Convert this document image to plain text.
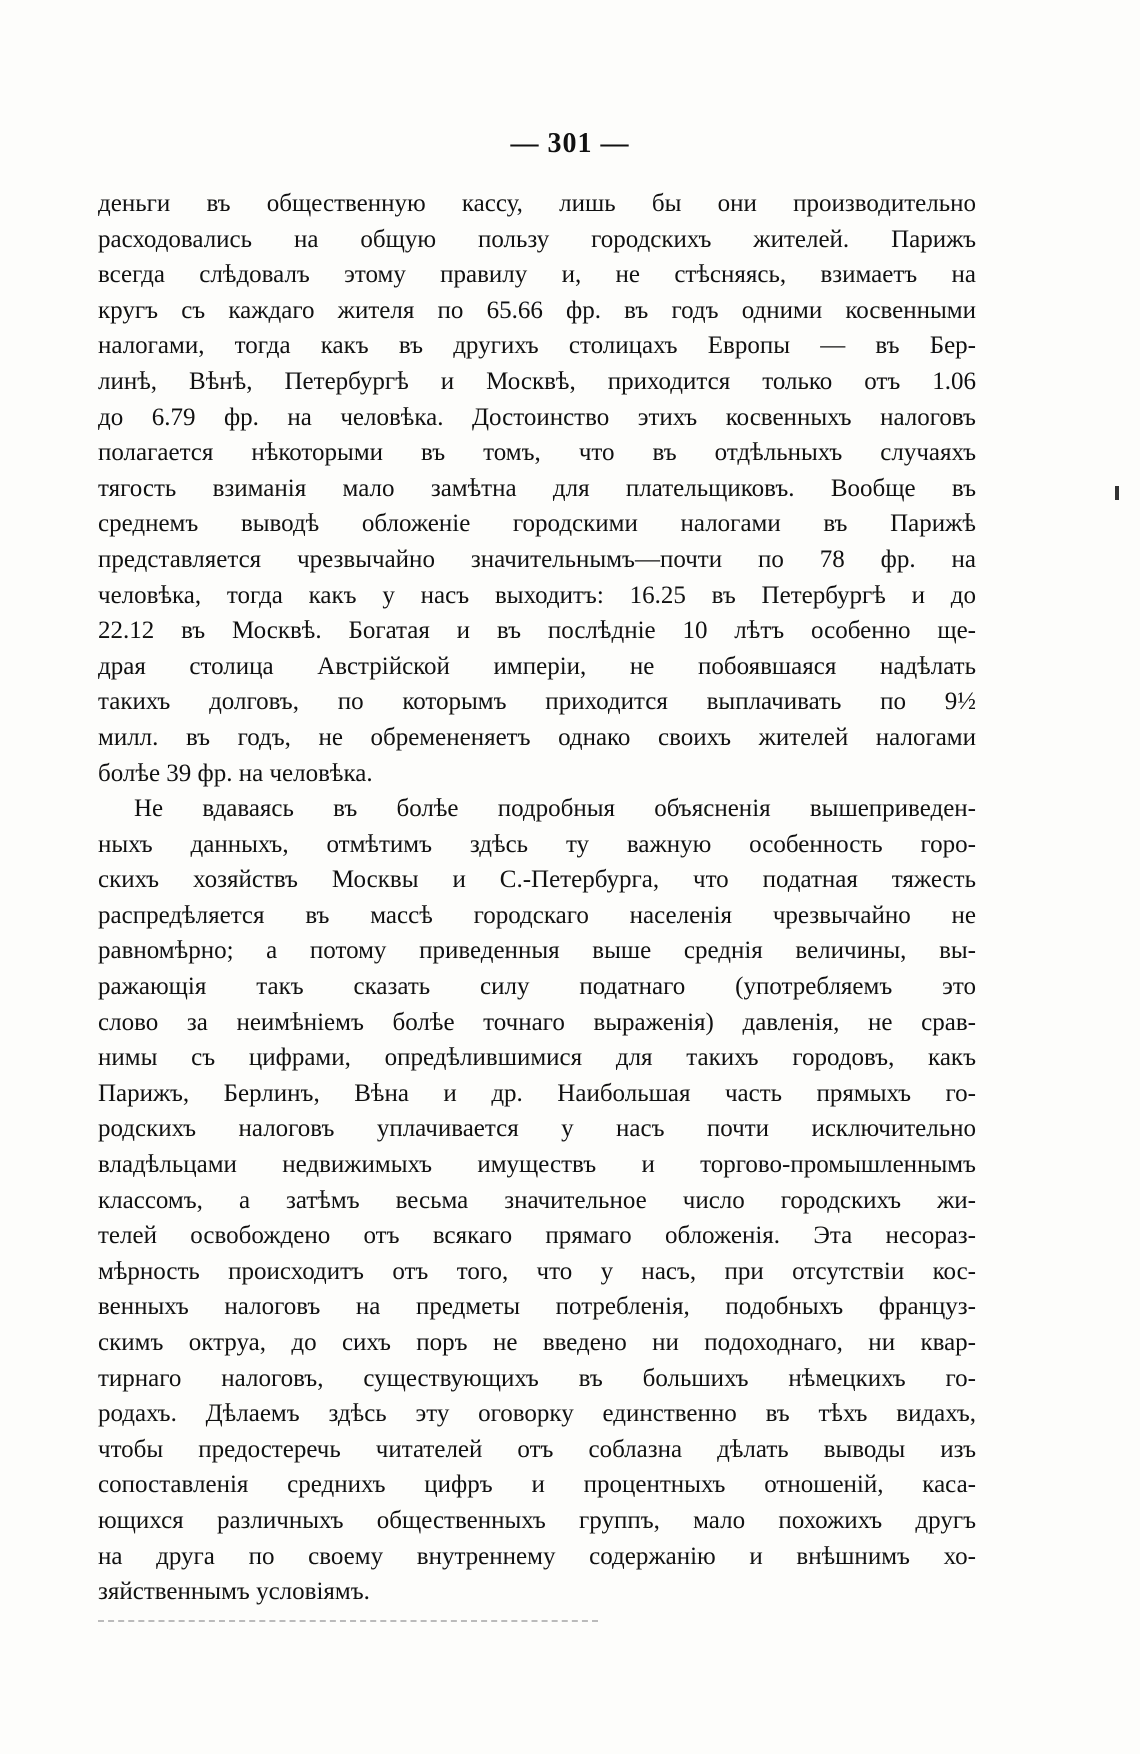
— 301 —
деньги въ общественную кассу, лишь бы они производительно
расходовались на общую пользу городскихъ жителей. Парижъ
всегда слѣдовалъ этому правилу и, не стѣсняясь, взимаетъ на
кругъ съ каждаго жителя по 65.66 фр. въ годъ одними косвенными
налогами, тогда какъ въ другихъ столицахъ Европы — въ Бер-
линѣ, Вѣнѣ, Петербургѣ и Москвѣ, приходится только отъ 1.06
до 6.79 фр. на человѣка. Достоинство этихъ косвенныхъ налоговъ
полагается нѣкоторыми въ томъ, что въ отдѣльныхъ случаяхъ
тягость взиманія мало замѣтна для плательщиковъ. Вообще въ
среднемъ выводѣ обложеніе городскими налогами въ Парижѣ
представляется чрезвычайно значительнымъ—почти по 78 фр. на
человѣка, тогда какъ у насъ выходитъ: 16.25 въ Петербургѣ и до
22.12 въ Москвѣ. Богатая и въ послѣдніе 10 лѣтъ особенно ще-
драя столица Австрійской имперіи, не побоявшаяся надѣлать
такихъ долговъ, по которымъ приходится выплачивать по 9½
милл. въ годъ, не обремененяетъ однако своихъ жителей налогами
болѣе 39 фр. на человѣка.
Не вдаваясь въ болѣе подробныя объясненія вышеприведен-
ныхъ данныхъ, отмѣтимъ здѣсь ту важную особенность горо-
скихъ хозяйствъ Москвы и С.-Петербурга, что податная тяжесть
распредѣляется въ массѣ городскаго населенія чрезвычайно не
равномѣрно; а потому приведенныя выше среднія величины, вы-
ражающія такъ сказать силу податнаго (употребляемъ это
слово за неимѣніемъ болѣе точнаго выраженія) давленія, не срав-
нимы съ цифрами, опредѣлившимися для такихъ городовъ, какъ
Парижъ, Берлинъ, Вѣна и др. Наибольшая часть прямыхъ го-
родскихъ налоговъ уплачивается у насъ почти исключительно
владѣльцами недвижимыхъ имуществъ и торгово-промышленнымъ
классомъ, а затѣмъ весьма значительное число городскихъ жи-
телей освобождено отъ всякаго прямаго обложенія. Эта несораз-
мѣрность происходитъ отъ того, что у насъ, при отсутствіи кос-
венныхъ налоговъ на предметы потребленія, подобныхъ француз-
скимъ октруа, до сихъ поръ не введено ни подоходнаго, ни квар-
тирнаго налоговъ, существующихъ въ большихъ нѣмецкихъ го-
родахъ. Дѣлаемъ здѣсь эту оговорку единственно въ тѣхъ видахъ,
чтобы предостеречь читателей отъ соблазна дѣлать выводы изъ
сопоставленія среднихъ цифръ и процентныхъ отношеній, каса-
ющихся различныхъ общественныхъ группъ, мало похожихъ другъ
на друга по своему внутреннему содержанію и внѣшнимъ хо-
зяйственнымъ условіямъ.
